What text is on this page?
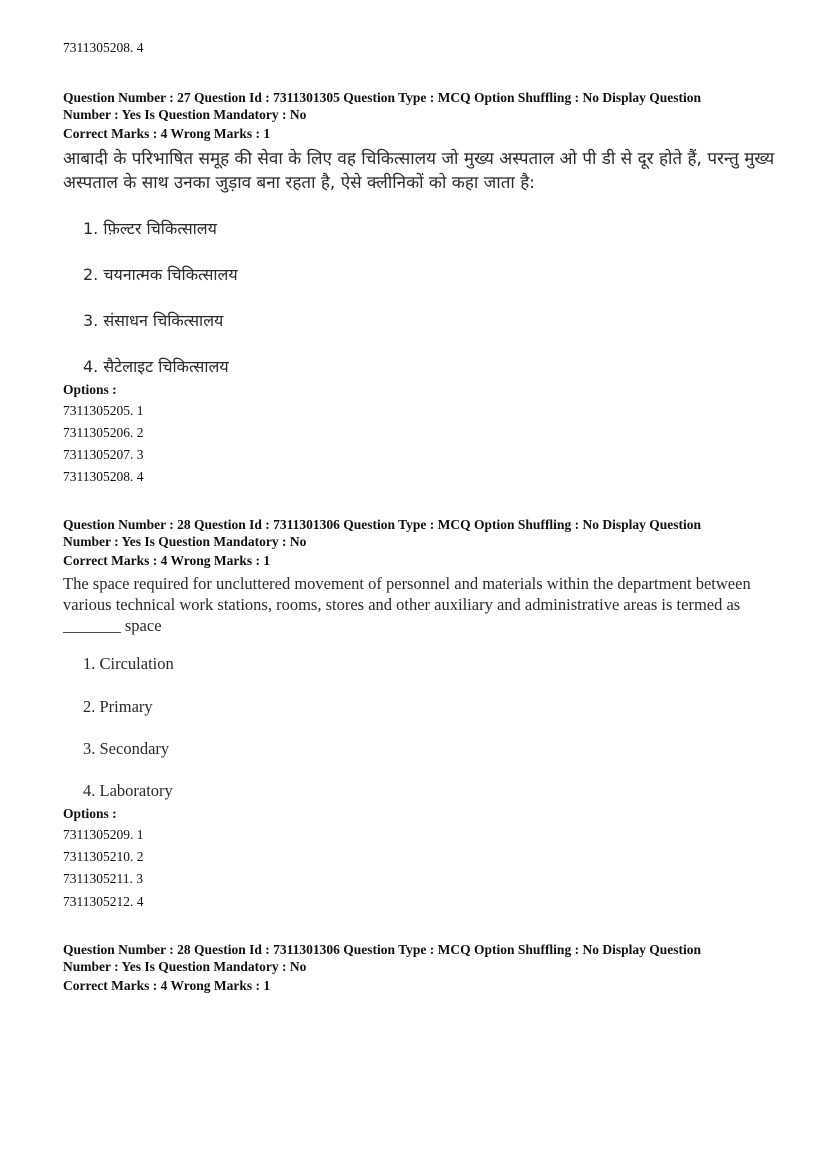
7311305208. 4
Question Number : 27 Question Id : 7311301305 Question Type : MCQ Option Shuffling : No Display Question
Number : Yes Is Question Mandatory : No
Correct Marks : 4 Wrong Marks : 1
आबादी के परिभाषित समूह की सेवा के लिए वह चिकित्सालय जो मुख्य अस्पताल ओ पी डी से दूर होते हैं, परन्तु मुख्य अस्पताल के साथ उनका जुड़ाव बना रहता है, ऐसे क्लीनिकों को कहा जाता है:
1. फ़िल्टर चिकित्सालय
2. चयनात्मक चिकित्सालय
3. संसाधन चिकित्सालय
4. सैटेलाइट चिकित्सालय
Options :
7311305205. 1
7311305206. 2
7311305207. 3
7311305208. 4
Question Number : 28 Question Id : 7311301306 Question Type : MCQ Option Shuffling : No Display Question
Number : Yes Is Question Mandatory : No
Correct Marks : 4 Wrong Marks : 1
The space required for uncluttered movement of personnel and materials within the department between various technical work stations, rooms, stores and other auxiliary and administrative areas is termed as _______ space
1. Circulation
2. Primary
3. Secondary
4. Laboratory
Options :
7311305209. 1
7311305210. 2
7311305211. 3
7311305212. 4
Question Number : 28 Question Id : 7311301306 Question Type : MCQ Option Shuffling : No Display Question
Number : Yes Is Question Mandatory : No
Correct Marks : 4 Wrong Marks : 1
